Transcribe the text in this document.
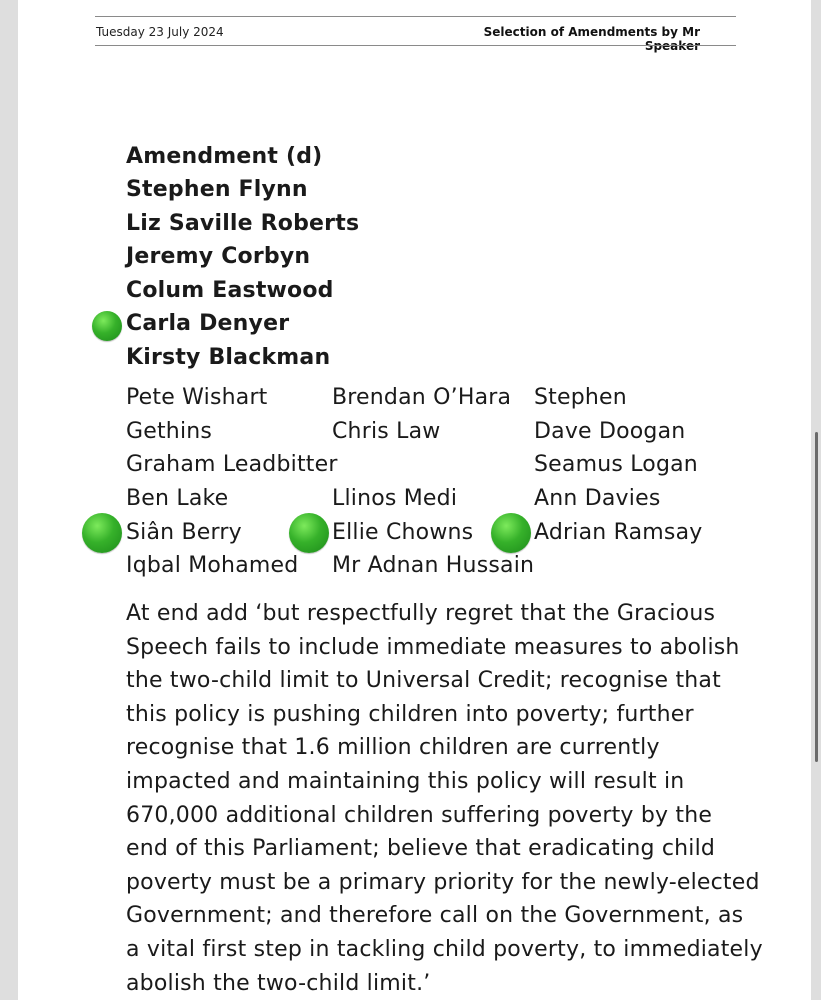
Tuesday 23 July 2024	Selection of Amendments by Mr Speaker
Amendment (d)
Stephen Flynn
Liz Saville Roberts
Jeremy Corbyn
Colum Eastwood
Carla Denyer
Kirsty Blackman
Pete Wishart
Gethins
Graham Leadbitter
Ben Lake
Siân Berry
Iqbal Mohamed
Brendan O’Hara
Chris Law
Llinos Medi
Ellie Chowns
Mr Adnan Hussain
Stephen
Dave Doogan
Seamus Logan
Ann Davies
Adrian Ramsay
At end add ‘but respectfully regret that the Gracious
Speech fails to include immediate measures to abolish
the two-child limit to Universal Credit; recognise that
this policy is pushing children into poverty; further
recognise that 1.6 million children are currently
impacted and maintaining this policy will result in
670,000 additional children suffering poverty by the
end of this Parliament; believe that eradicating child
poverty must be a primary priority for the newly-elected
Government; and therefore call on the Government, as
a vital first step in tackling child poverty, to immediately
abolish the two-child limit.’
